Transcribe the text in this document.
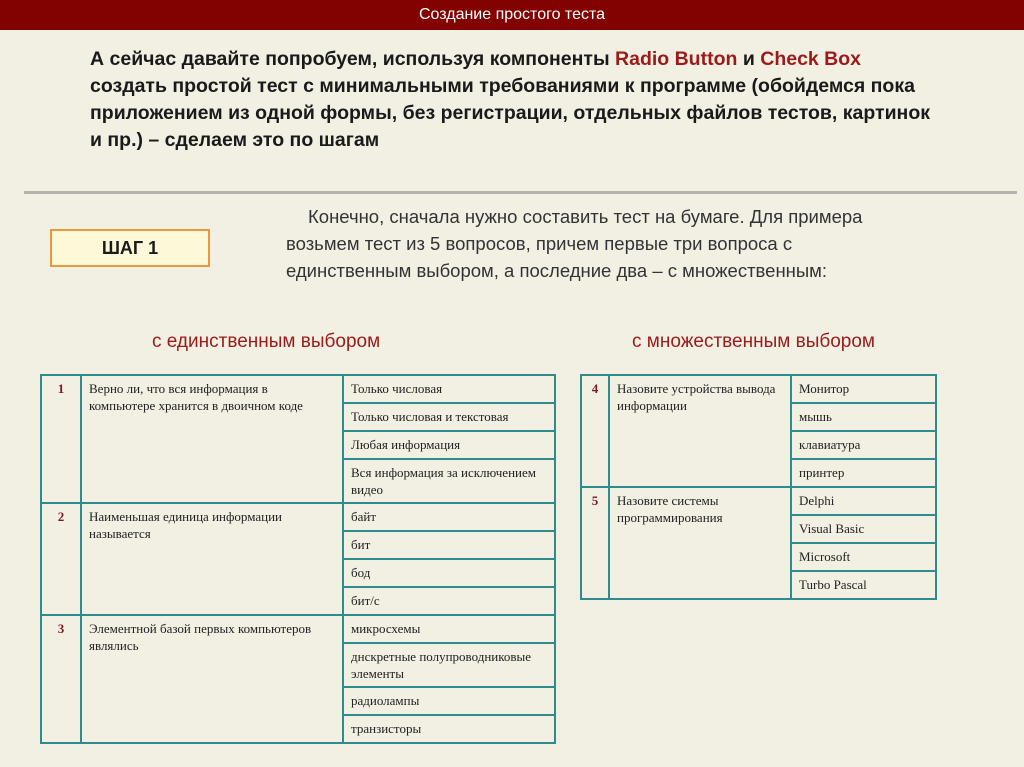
Создание простого теста
А сейчас давайте попробуем, используя компоненты Radio Button и Check Box создать простой тест с минимальными требованиями к программе (обойдемся пока приложением из одной формы, без регистрации, отдельных файлов тестов, картинок и пр.) – сделаем это по шагам
ШАГ 1
Конечно, сначала нужно составить тест на бумаге. Для примера возьмем тест из 5 вопросов, причем первые три вопроса с единственным выбором, а последние два – с множественным:
с единственным выбором	с множественным выбором
1	Верно ли, что вся информация в компьютере хранится в двоичном коде	Только числовая
		Только числовая и текстовая
		Любая информация
		Вся информация за исключением видео
2	Наименьшая единица информации называется	байт
		бит
		бод
		бит/с
3	Элементной базой первых компьютеров являлись	микросхемы
		днскретные полупроводниковые элементы
		радиолампы
		транзисторы
4	Назовите устройства вывода информации	Монитор
		мышь
		клавиатура
		принтер
5	Назовите системы программирования	Delphi
		Visual Basic
		Microsoft
		Turbo Pascal
